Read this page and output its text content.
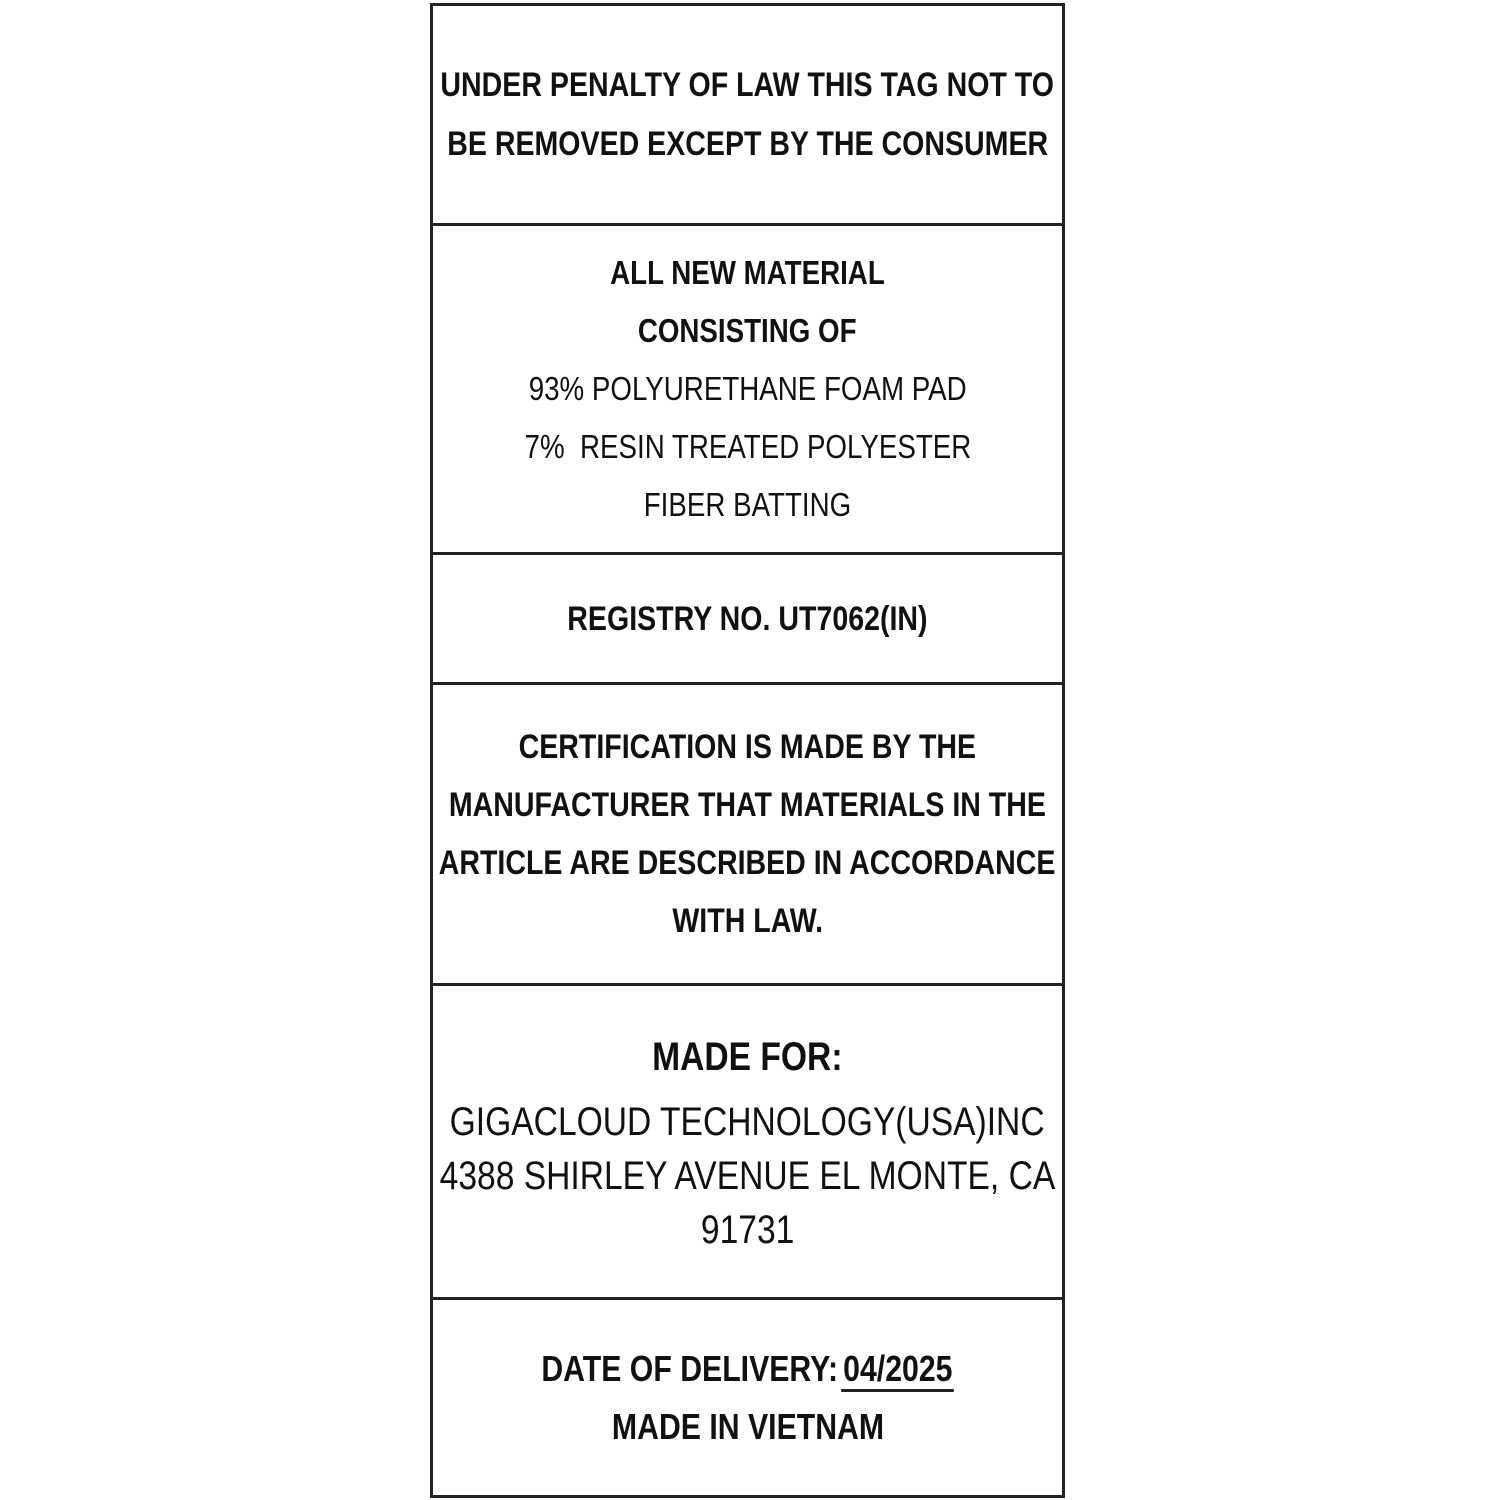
UNDER PENALTY OF LAW THIS TAG NOT TO
BE REMOVED EXCEPT BY THE CONSUMER
ALL NEW MATERIAL
CONSISTING OF
93% POLYURETHANE FOAM PAD
7%  RESIN TREATED POLYESTER
FIBER BATTING
REGISTRY NO. UT7062(IN)
CERTIFICATION IS MADE BY THE
MANUFACTURER THAT MATERIALS IN THE
ARTICLE ARE DESCRIBED IN ACCORDANCE
WITH LAW.
MADE FOR:
GIGACLOUD TECHNOLOGY(USA)INC
4388 SHIRLEY AVENUE EL MONTE, CA
91731
DATE OF DELIVERY: 04/2025
MADE IN VIETNAM
